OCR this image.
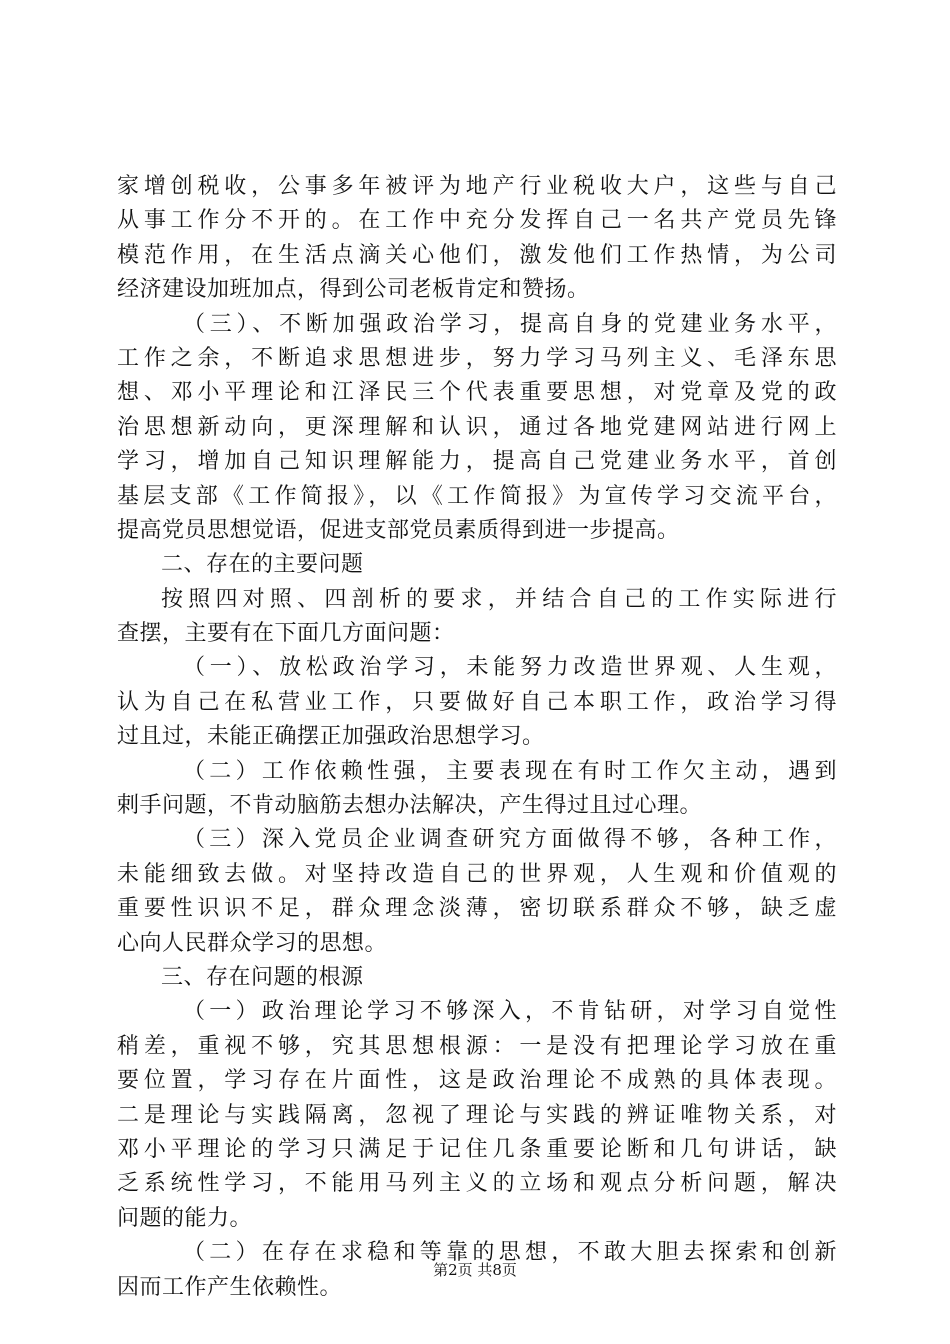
家增创税收，公事多年被评为地产行业税收大户，这些与自己
从事工作分不开的。在工作中充分发挥自己一名共产党员先锋
模范作用，在生活点滴关心他们，激发他们工作热情，为公司
经济建设加班加点，得到公司老板肯定和赞扬。
（三）、不断加强政治学习，提高自身的党建业务水平，
工作之余，不断追求思想进步，努力学习马列主义、毛泽东思
想、邓小平理论和江泽民三个代表重要思想，对党章及党的政
治思想新动向，更深理解和认识，通过各地党建网站进行网上
学习，增加自己知识理解能力，提高自己党建业务水平，首创
基层支部《工作简报》，以《工作简报》为宣传学习交流平台，
提高党员思想觉语，促进支部党员素质得到进一步提高。
二、存在的主要问题
按照四对照、四剖析的要求，并结合自己的工作实际进行
查摆，主要有在下面几方面问题：
（一）、放松政治学习，未能努力改造世界观、人生观，
认为自己在私营业工作，只要做好自己本职工作，政治学习得
过且过，未能正确摆正加强政治思想学习。
（二）工作依赖性强，主要表现在有时工作欠主动，遇到
剌手问题，不肯动脑筋去想办法解决，产生得过且过心理。
（三）深入党员企业调查研究方面做得不够，各种工作，
未能细致去做。对坚持改造自己的世界观，人生观和价值观的
重要性识识不足，群众理念淡薄，密切联系群众不够，缺乏虚
心向人民群众学习的思想。
三、存在问题的根源
（一）政治理论学习不够深入，不肯钻研，对学习自觉性
稍差，重视不够，究其思想根源：一是没有把理论学习放在重
要位置，学习存在片面性，这是政治理论不成熟的具体表现。
二是理论与实践隔离，忽视了理论与实践的辨证唯物关系，对
邓小平理论的学习只满足于记住几条重要论断和几句讲话，缺
乏系统性学习，不能用马列主义的立场和观点分析问题，解决
问题的能力。
（二）在存在求稳和等靠的思想，不敢大胆去探索和创新
因而工作产生依赖性。
第2页 共8页
